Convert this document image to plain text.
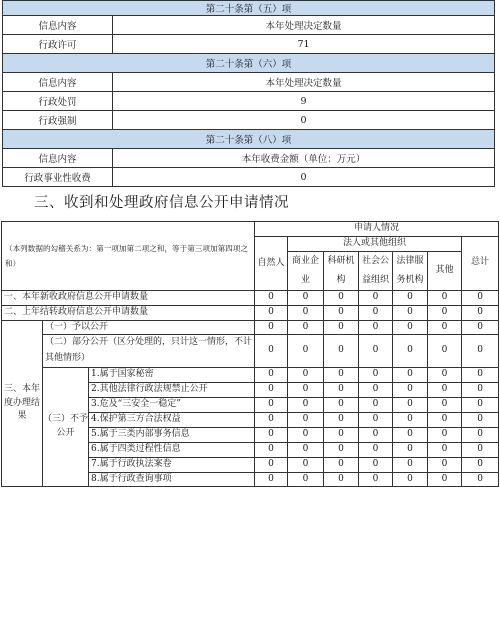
第二十条第（五）项	
信息内容	本年处理决定数量
行政许可	71
第二十条第（六）项	
信息内容	本年处理决定数量
行政处罚	9
行政强制	0
第二十条第（八）项	
信息内容	本年收费金额（单位：万元）
行政事业性收费	0
三、收到和处理政府信息公开申请情况
（本列数据的勾稽关系为：第一项加第二项之和，等于第三项加第四项之和）			申请人情况						
			自然人	法人或其他组织					总计
				商业企业	科研机构	社会公益组织	法律服务机构	其他	
一、本年新收政府信息公开申请数量			0	0	0	0	0	0	0
二、上年结转政府信息公开申请数量			0	0	0	0	0	0	0
三、本年度办理结果	（一）予以公开		0	0	0	0	0	0	0
	（二）部分公开（区分处理的，只计这一情形，不计其他情形）		0	0	0	0	0	0	0
	（三）不予公开	1.属于国家秘密	0	0	0	0	0	0	0
		2.其他法律行政法规禁止公开	0	0	0	0	0	0	0
		3.危及“三安全一稳定”	0	0	0	0	0	0	0
		4.保护第三方合法权益	0	0	0	0	0	0	0
		5.属于三类内部事务信息	0	0	0	0	0	0	0
		6.属于四类过程性信息	0	0	0	0	0	0	0
		7.属于行政执法案卷	0	0	0	0	0	0	0
		8.属于行政查询事项	0	0	0	0	0	0	0
